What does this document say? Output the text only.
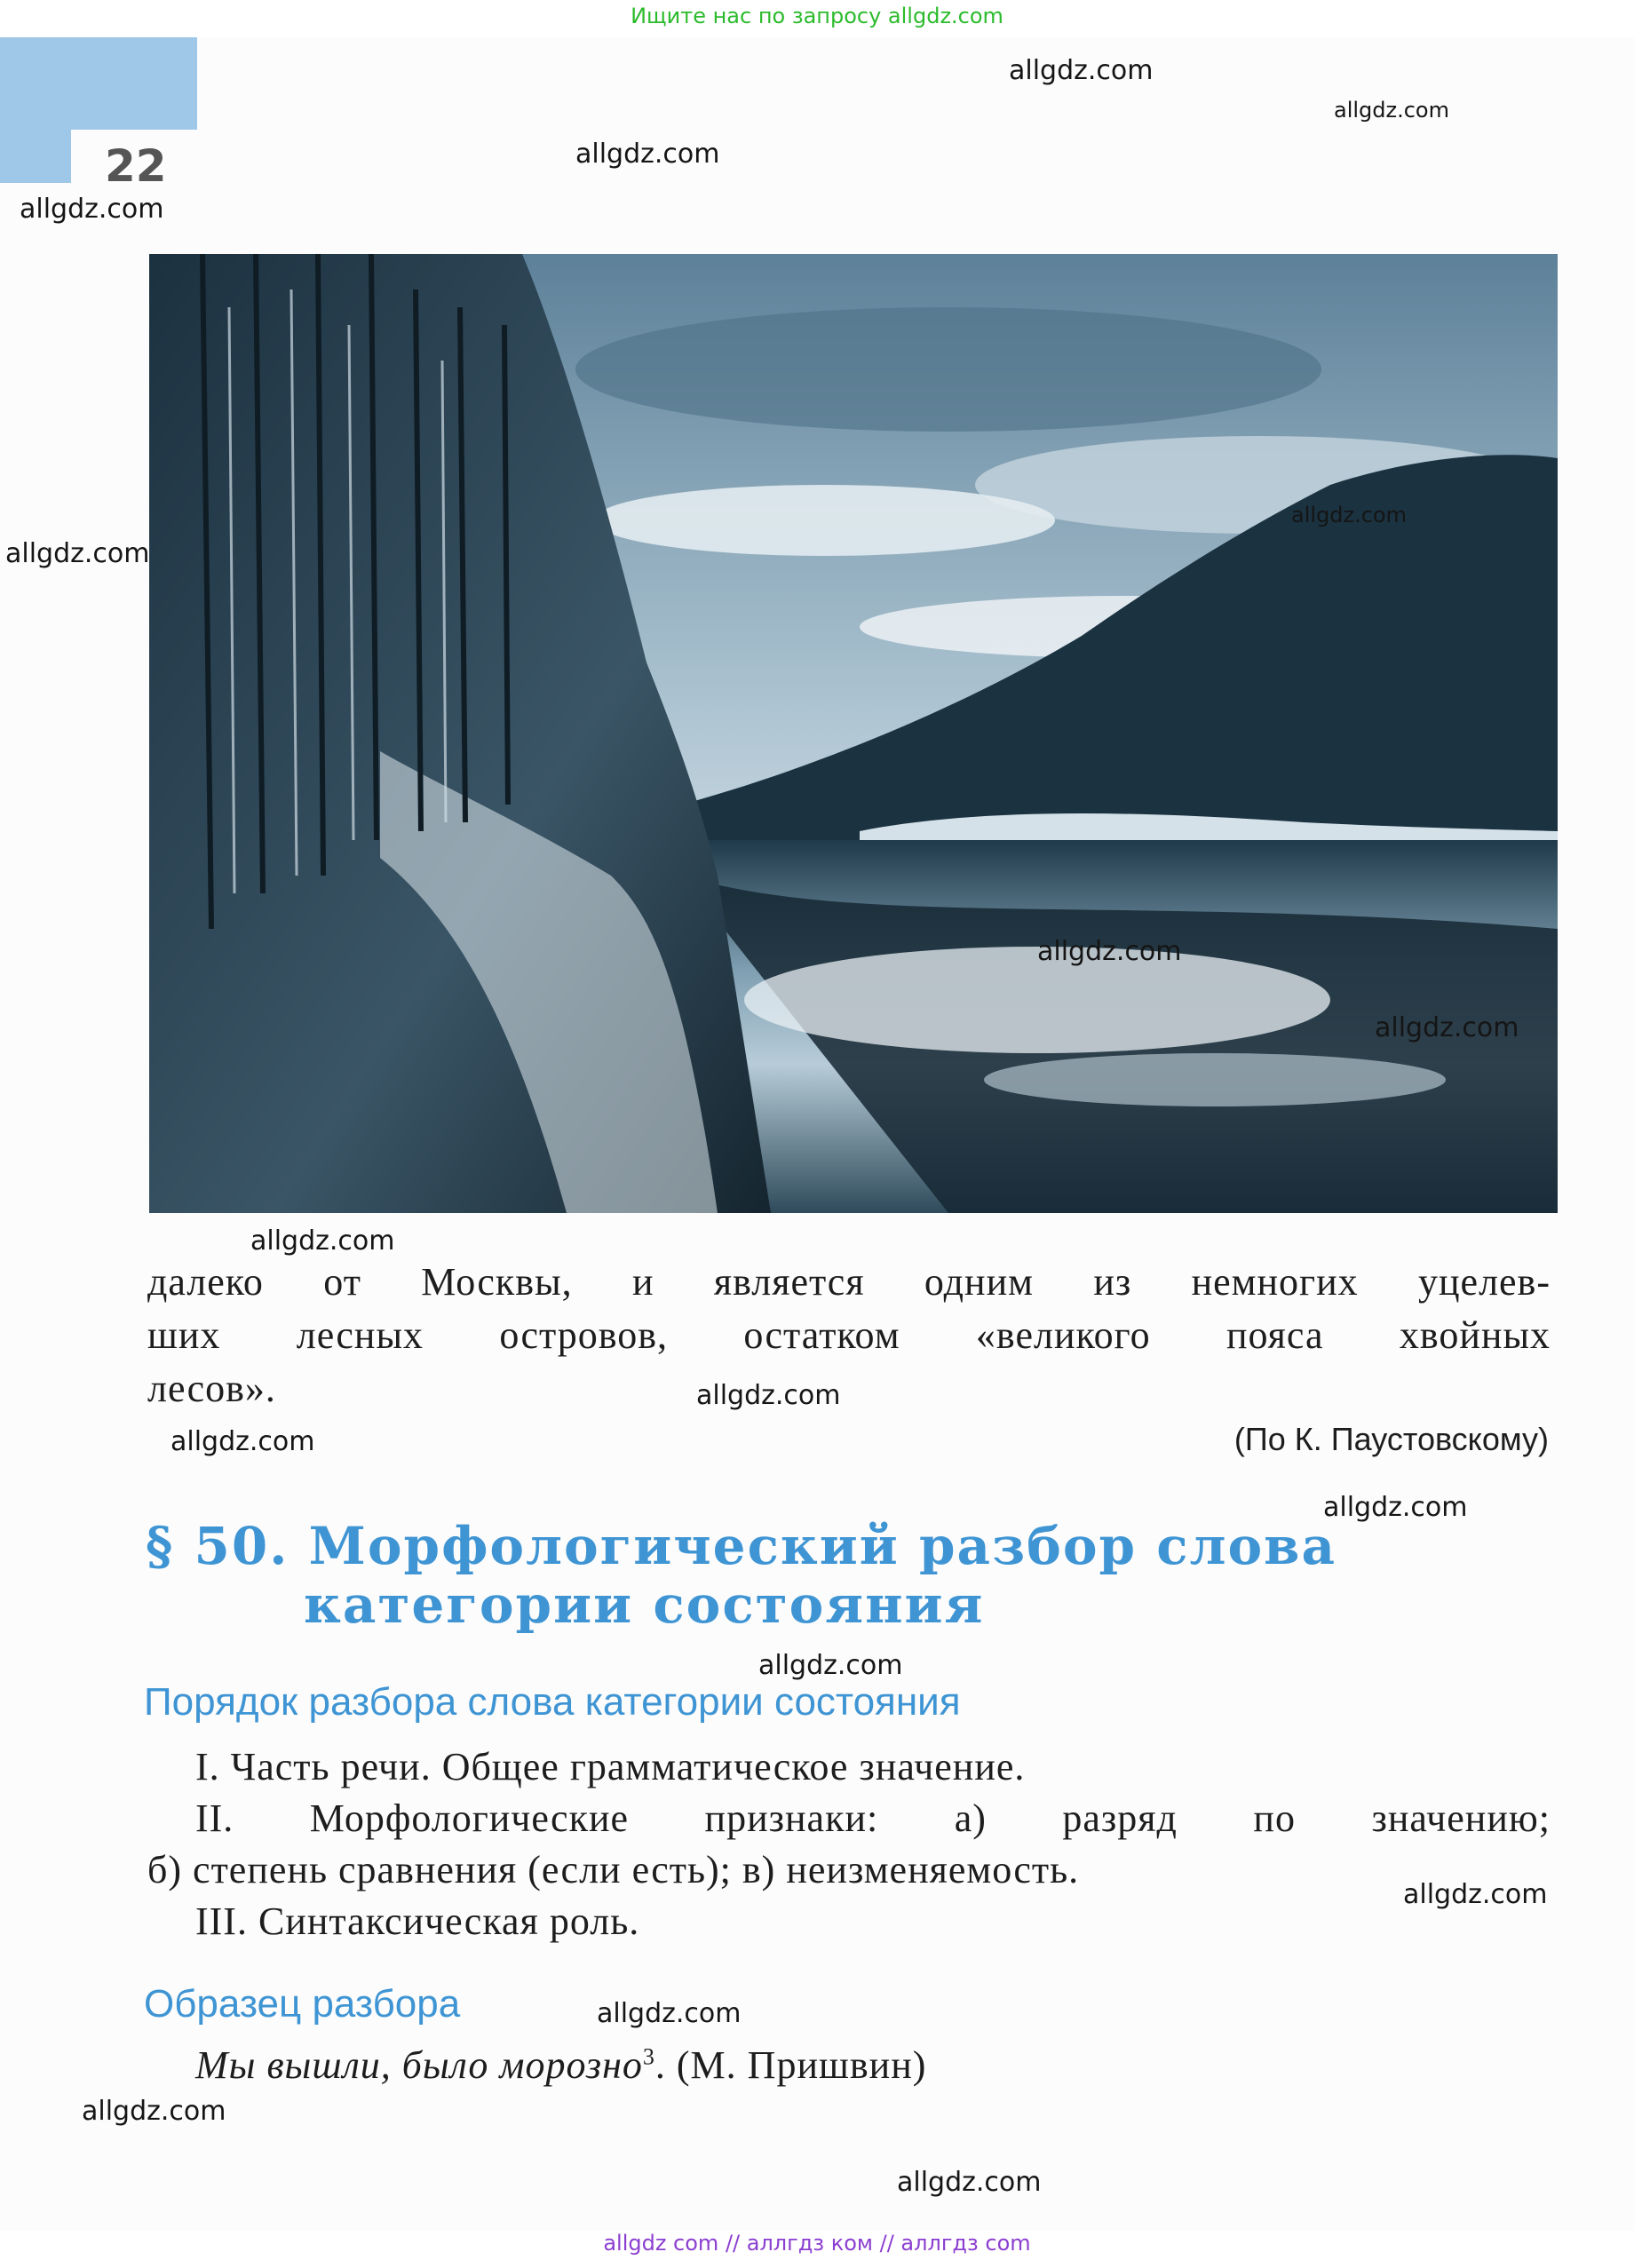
Ищите нас по запросу allgdz.com
22
далеко от Москвы, и является одним из немногих уцелев-
ших лесных островов, остатком «великого пояса хвойных
лесов».
(По К. Паустовскому)
§ 50. Морфологический разбор слова
категории состояния
Порядок разбора слова категории состояния
I. Часть речи. Общее грамматическое значение.
II. Морфологические признаки: а) разряд по значению;
б) степень сравнения (если есть); в) неизменяемость.
III. Синтаксическая роль.
Образец разбора
Мы вышли, было морозно$^3$. (М. Пришвин)
allgdz.com
allgdz.com
allgdz.com
allgdz.com
allgdz.com
allgdz.com
allgdz.com
allgdz.com
allgdz.com
allgdz.com
allgdz.com
allgdz.com
allgdz.com
allgdz.com
allgdz.com
allgdz.com
allgdz.com
allgdz com // аллгдз ком // аллгдз com
